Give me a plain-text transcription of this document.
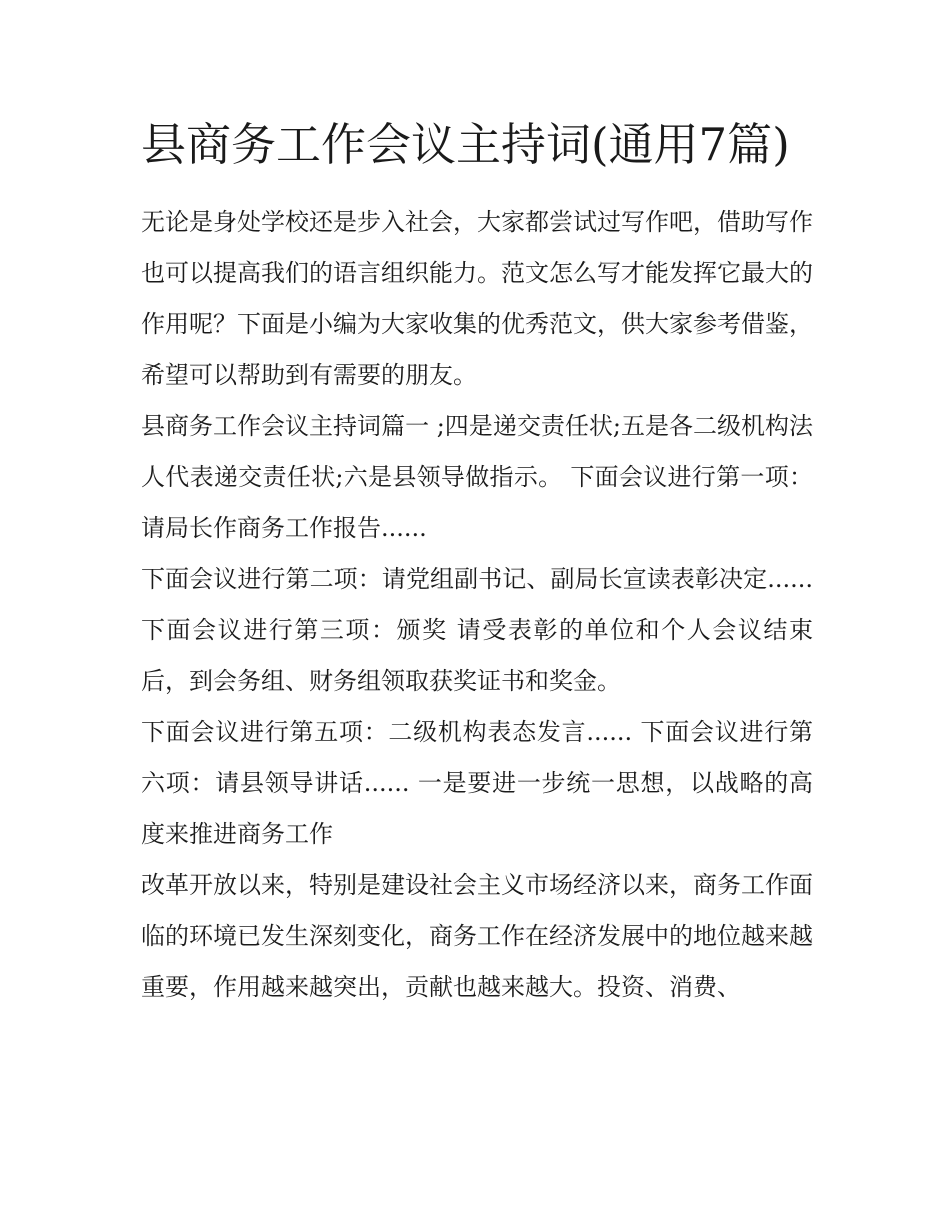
县商务工作会议主持词(通用7篇)

无论是身处学校还是步入社会，大家都尝试过写作吧，借助写作也可以提高我们的语言组织能力。范文怎么写才能发挥它最大的作用呢？下面是小编为大家收集的优秀范文，供大家参考借鉴，希望可以帮助到有需要的朋友。

县商务工作会议主持词篇一 ;四是递交责任状;五是各二级机构法人代表递交责任状;六是县领导做指示。 下面会议进行第一项：请局长作商务工作报告......

下面会议进行第二项：请党组副书记、副局长宣读表彰决定...... 下面会议进行第三项：颁奖 请受表彰的单位和个人会议结束后，到会务组、财务组领取获奖证书和奖金。

下面会议进行第五项：二级机构表态发言...... 下面会议进行第六项：请县领导讲话...... 一是要进一步统一思想，以战略的高度来推进商务工作

改革开放以来，特别是建设社会主义市场经济以来，商务工作面临的环境已发生深刻变化，商务工作在经济发展中的地位越来越重要，作用越来越突出，贡献也越来越大。投资、消费、
